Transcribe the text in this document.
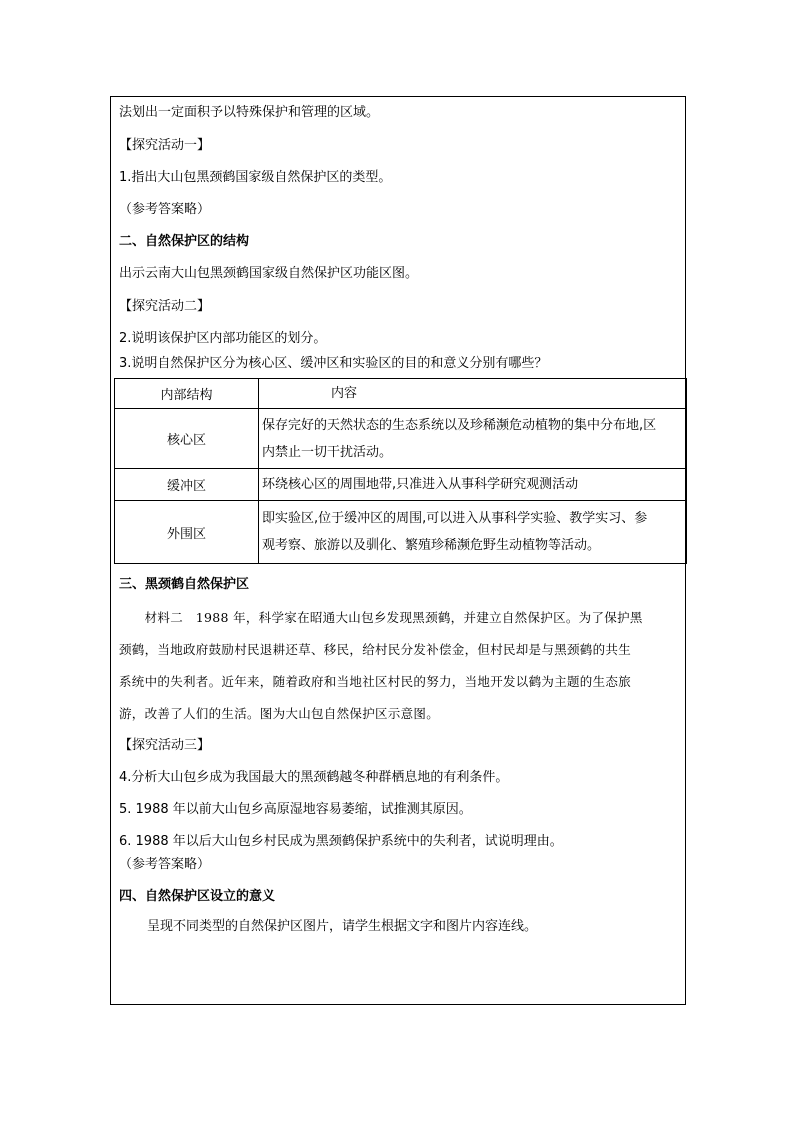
法划出一定面积予以特殊保护和管理的区域。
【探究活动一】
1.指出大山包黑颈鹤国家级自然保护区的类型。
（参考答案略）
二、自然保护区的结构
出示云南大山包黑颈鹤国家级自然保护区功能区图。
【探究活动二】
2.说明该保护区内部功能区的划分。
3.说明自然保护区分为核心区、缓冲区和实验区的目的和意义分别有哪些？
内部结构	内容
核心区	保存完好的天然状态的生态系统以及珍稀濒危动植物的集中分布地,区
内禁止一切干扰活动。

缓冲区	环绕核心区的周围地带,只准进入从事科学研究观测活动

外围区	即实验区,位于缓冲区的周围,可以进入从事科学实验、教学实习、参
观考察、旅游以及驯化、繁殖珍稀濒危野生动植物等活动。
三、黑颈鹤自然保护区
　　材料二　1988 年，科学家在昭通大山包乡发现黑颈鹤，并建立自然保护区。为了保护黑
颈鹤，当地政府鼓励村民退耕还草、移民，给村民分发补偿金，但村民却是与黑颈鹤的共生
系统中的失利者。近年来，随着政府和当地社区村民的努力，当地开发以鹤为主题的生态旅
游，改善了人们的生活。图为大山包自然保护区示意图。
【探究活动三】
4.分析大山包乡成为我国最大的黑颈鹤越冬种群栖息地的有利条件。
5. 1988 年以前大山包乡高原湿地容易萎缩，试推测其原因。
6. 1988 年以后大山包乡村民成为黑颈鹤保护系统中的失利者，试说明理由。
（参考答案略）
四、自然保护区设立的意义
呈现不同类型的自然保护区图片，请学生根据文字和图片内容连线。
